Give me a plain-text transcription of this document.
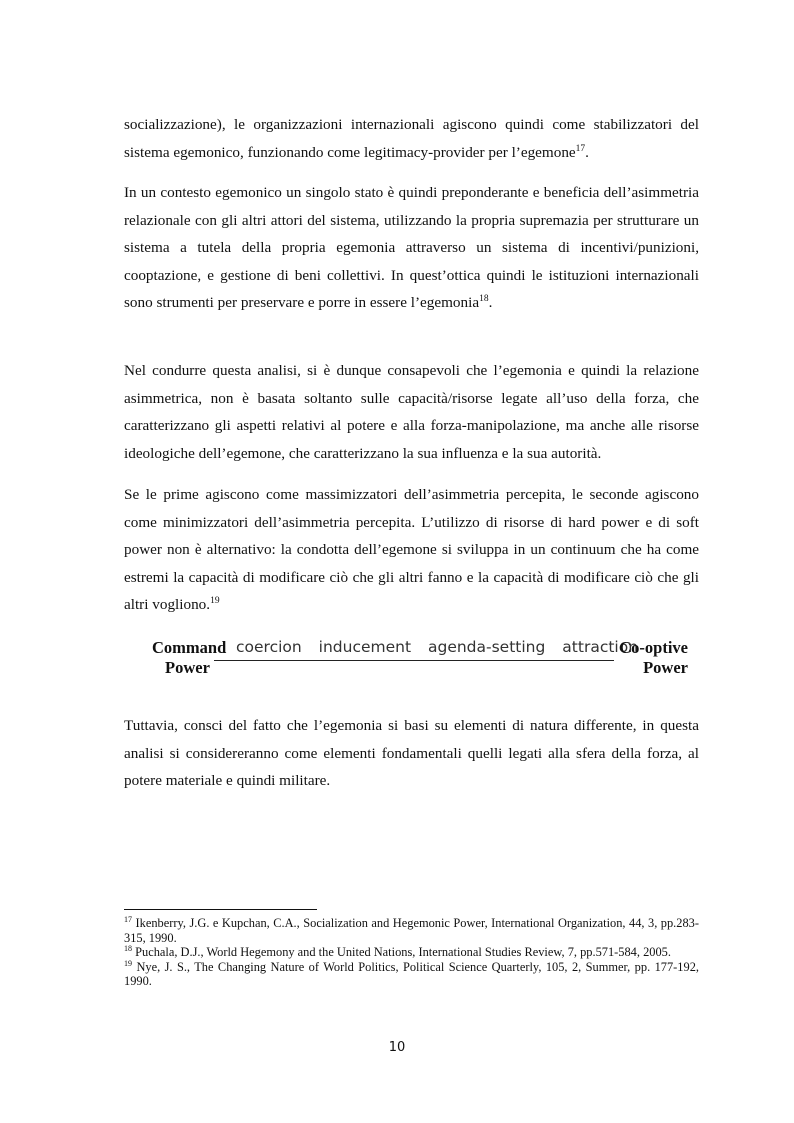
socializzazione), le organizzazioni internazionali agiscono quindi come stabilizzatori del sistema egemonico, funzionando come legitimacy-provider per l’egemone$^{17}$.

In un contesto egemonico un singolo stato è quindi preponderante e beneficia dell’asimmetria relazionale con gli altri attori del sistema, utilizzando la propria supremazia per strutturare un sistema a tutela della propria egemonia attraverso un sistema di incentivi/punizioni, cooptazione, e gestione di beni collettivi. In quest’ottica quindi le istituzioni internazionali sono strumenti per preservare e porre in essere l’egemonia$^{18}$.

Nel condurre questa analisi, si è dunque consapevoli che l’egemonia e quindi la relazione asimmetrica, non è basata soltanto sulle capacità/risorse legate all’uso della forza, che caratterizzano gli aspetti relativi al potere e alla forza-manipolazione, ma anche alle risorse ideologiche dell’egemone, che caratterizzano la sua influenza e la sua autorità.

Se le prime agiscono come massimizzatori dell’asimmetria percepita, le seconde agiscono come minimizzatori dell’asimmetria percepita. L’utilizzo di risorse di hard power e di soft power non è alternativo: la condotta dell’egemone si sviluppa in un continuum che ha come estremi la capacità di modificare ciò che gli altri fanno e la capacità di modificare ciò che gli altri vogliono.$^{19}$

Command
Power
coercion inducement agenda-setting attraction
Co-optive
Power

Tuttavia, consci del fatto che l’egemonia si basi su elementi di natura differente, in questa analisi si considereranno come elementi fondamentali quelli legati alla sfera della forza, al potere materiale e quindi militare.

$^{17}$ Ikenberry, J.G. e Kupchan, C.A., Socialization and Hegemonic Power, International Organization, 44, 3, pp.283-315, 1990.

$^{18}$ Puchala, D.J., World Hegemony and the United Nations, International Studies Review, 7, pp.571-584, 2005.

$^{19}$ Nye, J. S., The Changing Nature of World Politics, Political Science Quarterly, 105, 2, Summer, pp. 177-192, 1990.

10
